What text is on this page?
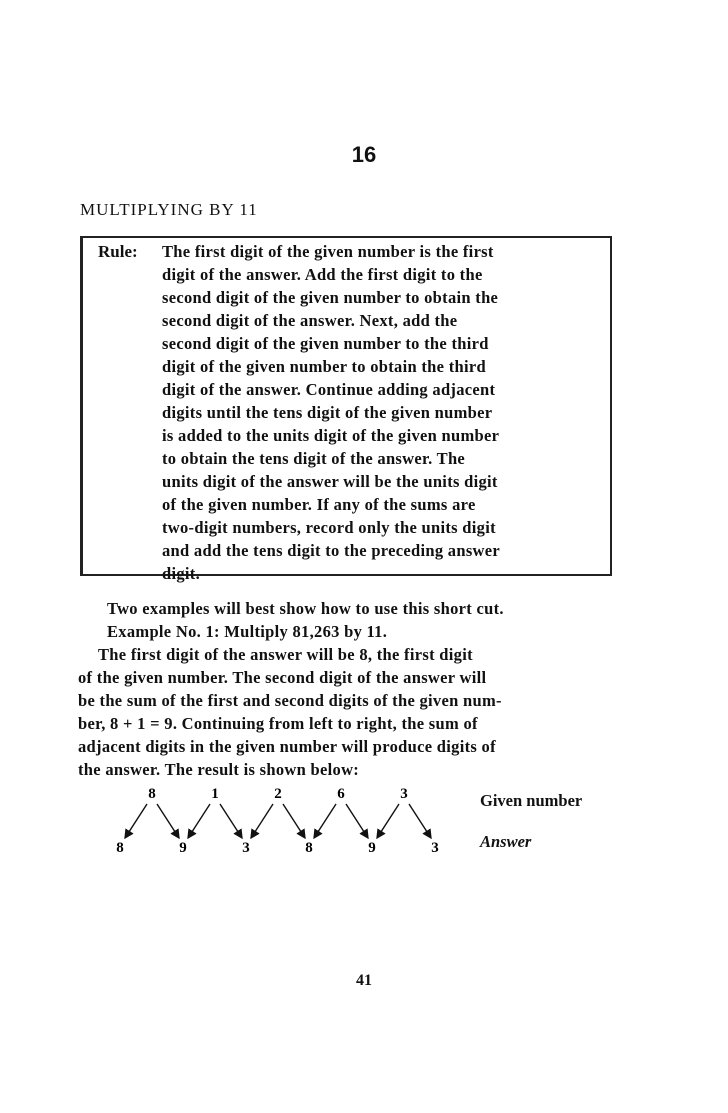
16
MULTIPLYING BY 11
Rule: The first digit of the given number is the first
digit of the answer. Add the first digit to the
second digit of the given number to obtain the
second digit of the answer. Next, add the
second digit of the given number to the third
digit of the given number to obtain the third
digit of the answer. Continue adding adjacent
digits until the tens digit of the given number
is added to the units digit of the given number
to obtain the tens digit of the answer. The
units digit of the answer will be the units digit
of the given number. If any of the sums are
two-digit numbers, record only the units digit
and add the tens digit to the preceding answer
digit.
Two examples will best show how to use this short cut.
Example No. 1: Multiply 81,263 by 11.
The first digit of the answer will be 8, the first digit
of the given number. The second digit of the answer will
be the sum of the first and second digits of the given num-
ber, 8 + 1 = 9. Continuing from left to right, the sum of
adjacent digits in the given number will produce digits of
the answer. The result is shown below:
8	1	2	6	3
8	9	3	8	9	3
Given number
Answer
41
